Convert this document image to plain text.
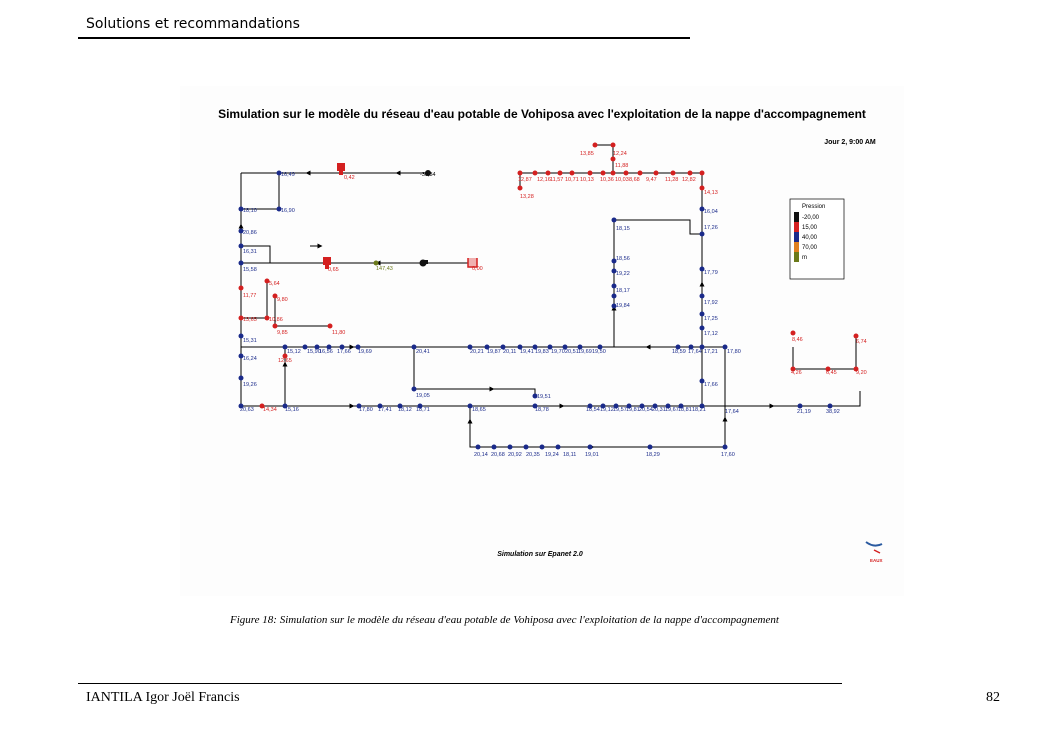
Solutions et recommandations
Simulation sur le modèle du réseau d'eau potable de Vohiposa avec l'exploitation de la nappe d'accompagnement
Jour 2, 9:00 AM
16,49	-30,34
0,42
18,10	16,90
20,86
16,31
15,58	0,65	147,43	0,00
5,64
11,77
9,80
13,65 10,86
9,85	11,80
15,31
16,24	12,65
19,26
20,63 14,34 15,16
15,12 15,90
16,56 17,66 19,69	20,41	20,21 19,87 20,11 19,41 19,83 19,70 20,51 19,69 19,50	18,59 17,64 17,21 17,80
19,05	19,51
17,80 17,41 18,12 18,71	18,65	18,78	18,54 19,12 19,57 19,81 20,54 20,31 19,67 18,81 18,21	17,64	21,19	38,92
20,14 20,68 20,92 20,35 19,24 18,11 19,01	18,29	17,60
18,15
18,56
19,22
18,17
19,84
16,04
17,26
17,79
17,92
17,25
17,12
17,66
12,87 12,16 11,57 10,71 10,13 10,36 10,03 8,68 9,47 11,28 12,82
13,28
13,85	12,24
11,88
14,13
8,46	6,74
4,26	6,45	9,20
Pression
-20,00
15,00
40,00
70,00
m
Simulation sur Epanet 2.0
EAUX
Figure 18: Simulation sur le modèle du réseau d'eau potable de Vohiposa avec l'exploitation de la nappe d'accompagnement
IANTILA Igor Joël Francis	82
